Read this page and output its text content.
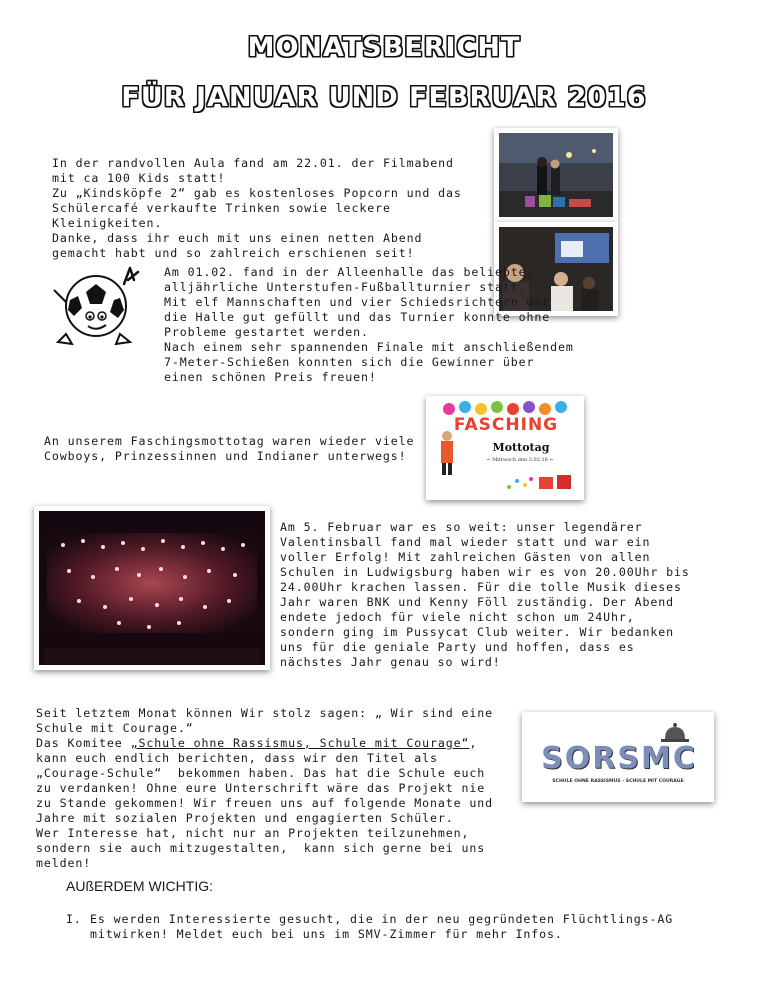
MONATSBERICHT
FÜR JANUAR UND FEBRUAR 2016
In der randvollen Aula fand am 22.01. der Filmabend
mit ca 100 Kids statt!
Zu „Kindsköpfe 2“ gab es kostenloses Popcorn und das
Schülercafé verkaufte Trinken sowie leckere
Kleinigkeiten.
Danke, dass ihr euch mit uns einen netten Abend
gemacht habt und so zahlreich erschienen seit!
Am 01.02. fand in der Alleenhalle das beliebte,
alljährliche Unterstufen-Fußballturnier statt.
Mit elf Mannschaften und vier Schiedsrichtern war
die Halle gut gefüllt und das Turnier konnte ohne
Probleme gestartet werden.
Nach einem sehr spannenden Finale mit anschließendem
7-Meter-Schießen konnten sich die Gewinner über
einen schönen Preis freuen!
An unserem Faschingsmottotag waren wieder viele
Cowboys, Prinzessinnen und Indianer unterwegs!
FASCHING
Mottotag
~ Mittwoch den 3.02.16 ~
Am 5. Februar war es so weit: unser legendärer
Valentinsball fand mal wieder statt und war ein
voller Erfolg! Mit zahlreichen Gästen von allen
Schulen in Ludwigsburg haben wir es von 20.00Uhr bis
24.00Uhr krachen lassen. Für die tolle Musik dieses
Jahr waren BNK und Kenny Föll zuständig. Der Abend
endete jedoch für viele nicht schon um 24Uhr,
sondern ging im Pussycat Club weiter. Wir bedanken
uns für die geniale Party und hoffen, dass es
nächstes Jahr genau so wird!
Seit letztem Monat können Wir stolz sagen: „ Wir sind eine
Schule mit Courage.“
Das Komitee „Schule ohne Rassismus, Schule mit Courage“,
kann euch endlich berichten, dass wir den Titel als
„Courage-Schule“  bekommen haben. Das hat die Schule euch
zu verdanken! Ohne eure Unterschrift wäre das Projekt nie
zu Stande gekommen! Wir freuen uns auf folgende Monate und
Jahre mit sozialen Projekten und engagierten Schüler.
Wer Interesse hat, nicht nur an Projekten teilzunehmen,
sondern sie auch mitzugestalten,  kann sich gerne bei uns
melden!
SORSMC
SCHULE OHNE RASSISMUS - SCHULE MIT COURAGE
AUßERDEM WICHTIG:
I. Es werden Interessierte gesucht, die in der neu gegründeten Flüchtlings-AG
mitwirken! Meldet euch bei uns im SMV-Zimmer für mehr Infos.
